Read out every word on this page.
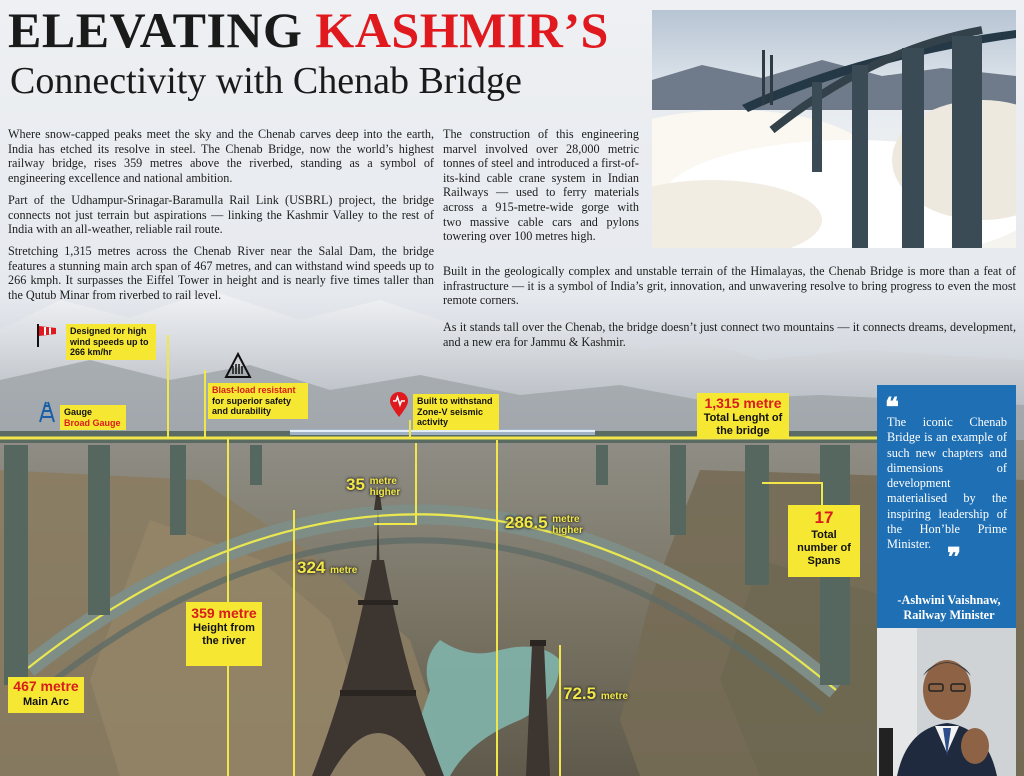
ELEVATING KASHMIR’S
Connectivity with Chenab Bridge

Where snow-capped peaks meet the sky and the Chenab carves deep into the earth, India has etched its resolve in steel. The Chenab Bridge, now the world’s highest railway bridge, rises 359 metres above the riverbed, standing as a symbol of engineering excellence and national ambition.

Part of the Udhampur-Srinagar-Baramulla Rail Link (USBRL) project, the bridge connects not just terrain but aspirations — linking the Kashmir Valley to the rest of India with an all-weather, reliable rail route.

Stretching 1,315 metres across the Chenab River near the Salal Dam, the bridge features a stunning main arch span of 467 metres, and can withstand wind speeds up to 266 kmph. It surpasses the Eiffel Tower in height and is nearly five times taller than the Qutub Minar from riverbed to rail level.

The construction of this engineering marvel involved over 28,000 metric tonnes of steel and introduced a first-of-its-kind cable crane system in Indian Railways — used to ferry materials across a 915-metre-wide gorge with two massive cable cars and pylons towering over 100 metres high.

Built in the geologically complex and unstable terrain of the Himalayas, the Chenab Bridge is more than a feat of infrastructure — it is a symbol of India’s grit, innovation, and unwavering resolve to bring progress to even the most remote corners.

As it stands tall over the Chenab, the bridge doesn’t just connect two mountains — it connects dreams, development, and a new era for Jammu & Kashmir.

Designed for high wind speeds up to 266 km/hr
Gauge
Broad Gauge
Blast-load resistant for superior safety and durability
Built to withstand Zone-V seismic activity
1,315 metre
Total Lenght of the bridge
17
Total number of Spans
359 metre
Height from the river
467 metre
Main Arc
35 metre higher
324 metre
286.5 metre higher
72.5 metre
❝
The iconic Chenab Bridge is an example of such new chapters and dimensions of development materialised by the inspiring leadership of the Hon’ble Prime Minister. ❞
-Ashwini Vaishnaw, Railway Minister
